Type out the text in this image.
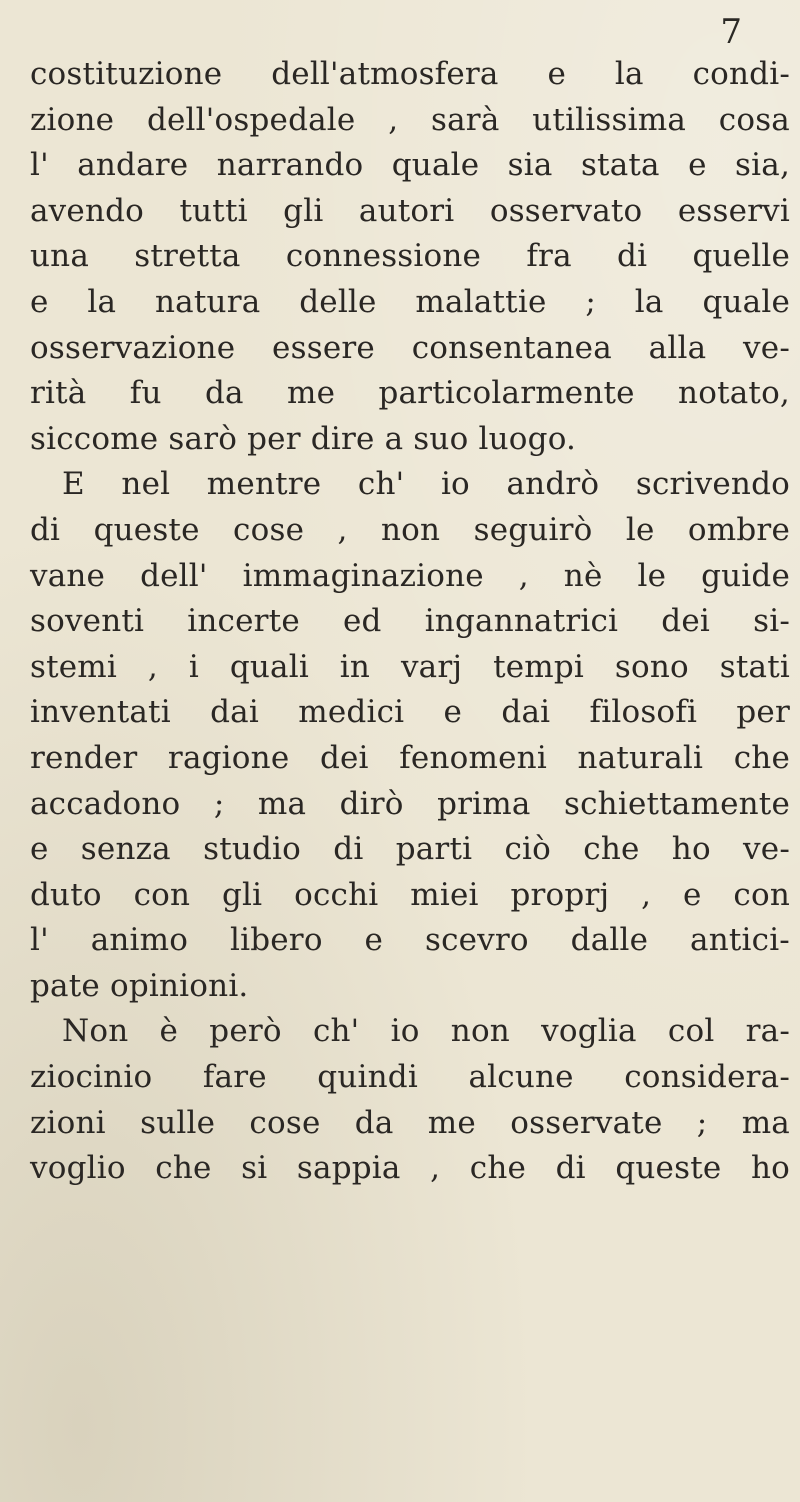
7
costituzione dell'atmosfera e la condi-
zione dell'ospedale , sarà utilissima cosa
l' andare narrando quale sia stata e sia,
avendo tutti gli autori osservato esservi
una stretta connessione fra di quelle
e la natura delle malattie ; la quale
osservazione essere consentanea alla ve-
rità fu da me particolarmente notato,
siccome sarò per dire a suo luogo.
E nel mentre ch' io andrò scrivendo
di queste cose , non seguirò le ombre
vane dell' immaginazione , nè le guide
soventi incerte ed ingannatrici dei si-
stemi , i quali in varj tempi sono stati
inventati dai medici e dai filosofi per
render ragione dei fenomeni naturali che
accadono ; ma dirò prima schiettamente
e senza studio di parti ciò che ho ve-
duto con gli occhi miei proprj , e con
l' animo libero e scevro dalle antici-
pate opinioni.
Non è però ch' io non voglia col ra-
ziocinio fare quindi alcune considera-
zioni sulle cose da me osservate ; ma
voglio che si sappia , che di queste ho
